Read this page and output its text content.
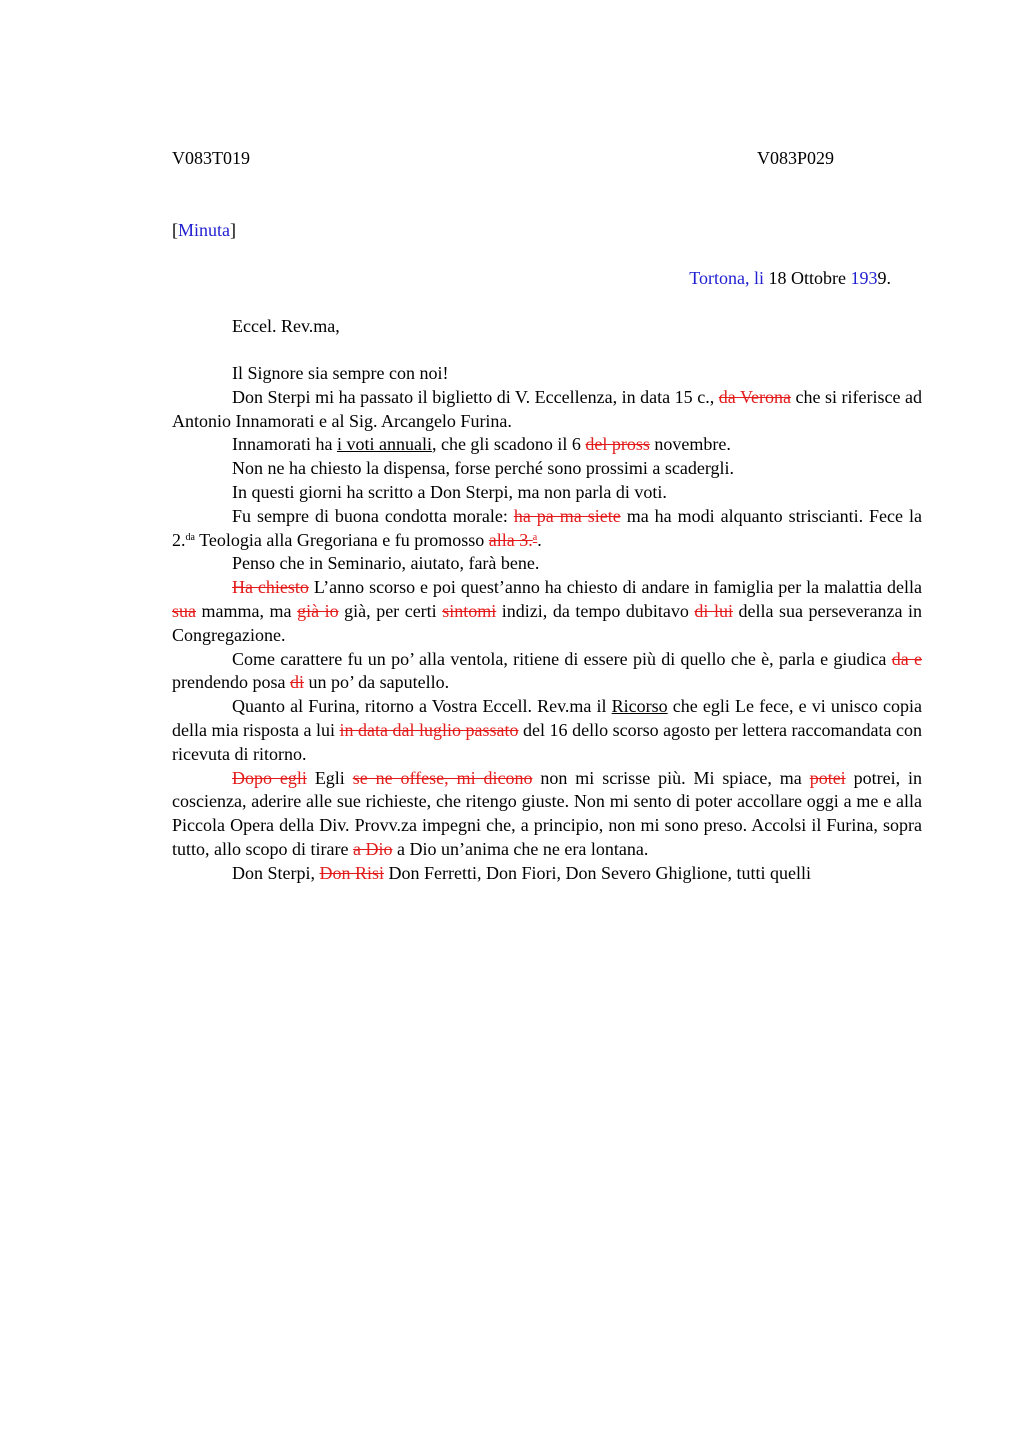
V083T019	V083P029
[Minuta]
Tortona, li 18 Ottobre 1939.
Eccel. Rev.ma,

Il Signore sia sempre con noi!

Don Sterpi mi ha passato il biglietto di V. Eccellenza, in data 15 c., da Verona che si riferisce ad Antonio Innamorati e al Sig. Arcangelo Furina.

Innamorati ha i voti annuali, che gli scadono il 6 del pross novembre.

Non ne ha chiesto la dispensa, forse perché sono prossimi a scadergli.

In questi giorni ha scritto a Don Sterpi, ma non parla di voti.

Fu sempre di buona condotta morale: ha pa ma siete ma ha modi alquanto striscianti. Fece la 2.$^{da}$ Teologia alla Gregoriana e fu promosso alla 3.$^a$.

Penso che in Seminario, aiutato, farà bene.

Ha chiesto L’anno scorso e poi quest’anno ha chiesto di andare in famiglia per la malattia della sua mamma, ma già io già, per certi sintomi indizi, da tempo dubitavo di lui della sua perseveranza in Congregazione.

Come carattere fu un po’ alla ventola, ritiene di essere più di quello che è, parla e giudica da e prendendo posa di un po’ da saputello.

Quanto al Furina, ritorno a Vostra Eccell. Rev.ma il Ricorso che egli Le fece, e vi unisco copia della mia risposta a lui in data dal luglio passato del 16 dello scorso agosto per lettera raccomandata con ricevuta di ritorno.

Dopo egli Egli se ne offese, mi dicono non mi scrisse più. Mi spiace, ma potei potrei, in coscienza, aderire alle sue richieste, che ritengo giuste. Non mi sento di poter accollare oggi a me e alla Piccola Opera della Div. Provv.za impegni che, a principio, non mi sono preso. Accolsi il Furina, sopra tutto, allo scopo di tirare a Dio a Dio un’anima che ne era lontana.

Don Sterpi, Don Risi Don Ferretti, Don Fiori, Don Severo Ghiglione, tutti quelli
